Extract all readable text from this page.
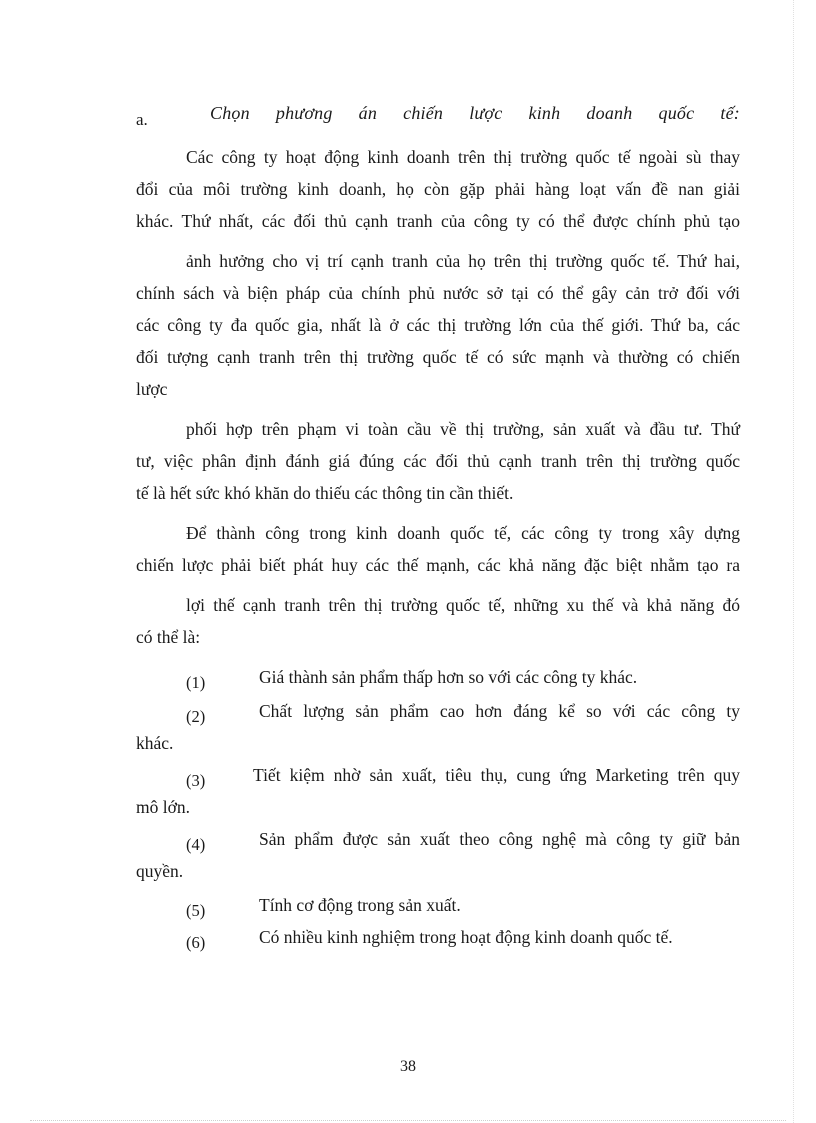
a.	Chọn phương án chiến lược kinh doanh quốc tế:
Các công ty hoạt động kinh doanh trên thị trường quốc tế ngoài sù thay
đổi của môi trường kinh doanh, họ còn gặp phải hàng loạt vấn đề nan giải
khác. Thứ nhất, các đối thủ cạnh tranh của công ty có thể được chính phủ tạo
ảnh hưởng cho vị trí cạnh tranh của họ trên thị trường quốc tế. Thứ hai,
chính sách và biện pháp của chính phủ nước sở tại có thể gây cản trở đối với
các công ty đa quốc gia, nhất là ở các thị trường lớn của thế giới. Thứ ba, các
đối tượng cạnh tranh trên thị trường quốc tế có sức mạnh và thường có chiến
lược
phối hợp trên phạm vi toàn cầu về thị trường, sản xuất và đầu tư. Thứ
tư, việc phân định đánh giá đúng các đối thủ cạnh tranh trên thị trường quốc
tế là hết sức khó khăn do thiếu các thông tin cần thiết.
Để thành công trong kinh doanh quốc tế, các công ty trong xây dựng
chiến lược phải biết phát huy các thế mạnh, các khả năng đặc biệt nhằm tạo ra
lợi thế cạnh tranh trên thị trường quốc tế, những xu thế và khả năng đó
có thể là:
(1)	Giá thành sản phẩm thấp hơn so với các công ty khác.
(2)	Chất lượng sản phẩm cao hơn đáng kể so với các công ty
khác.
(3)	Tiết kiệm nhờ sản xuất, tiêu thụ, cung ứng Marketing trên quy
mô lớn.
(4)	Sản phẩm được sản xuất theo công nghệ mà công ty giữ bản
quyền.
(5)	Tính cơ động trong sản xuất.
(6)	Có nhiều kinh nghiệm trong hoạt động kinh doanh quốc tế.
38
